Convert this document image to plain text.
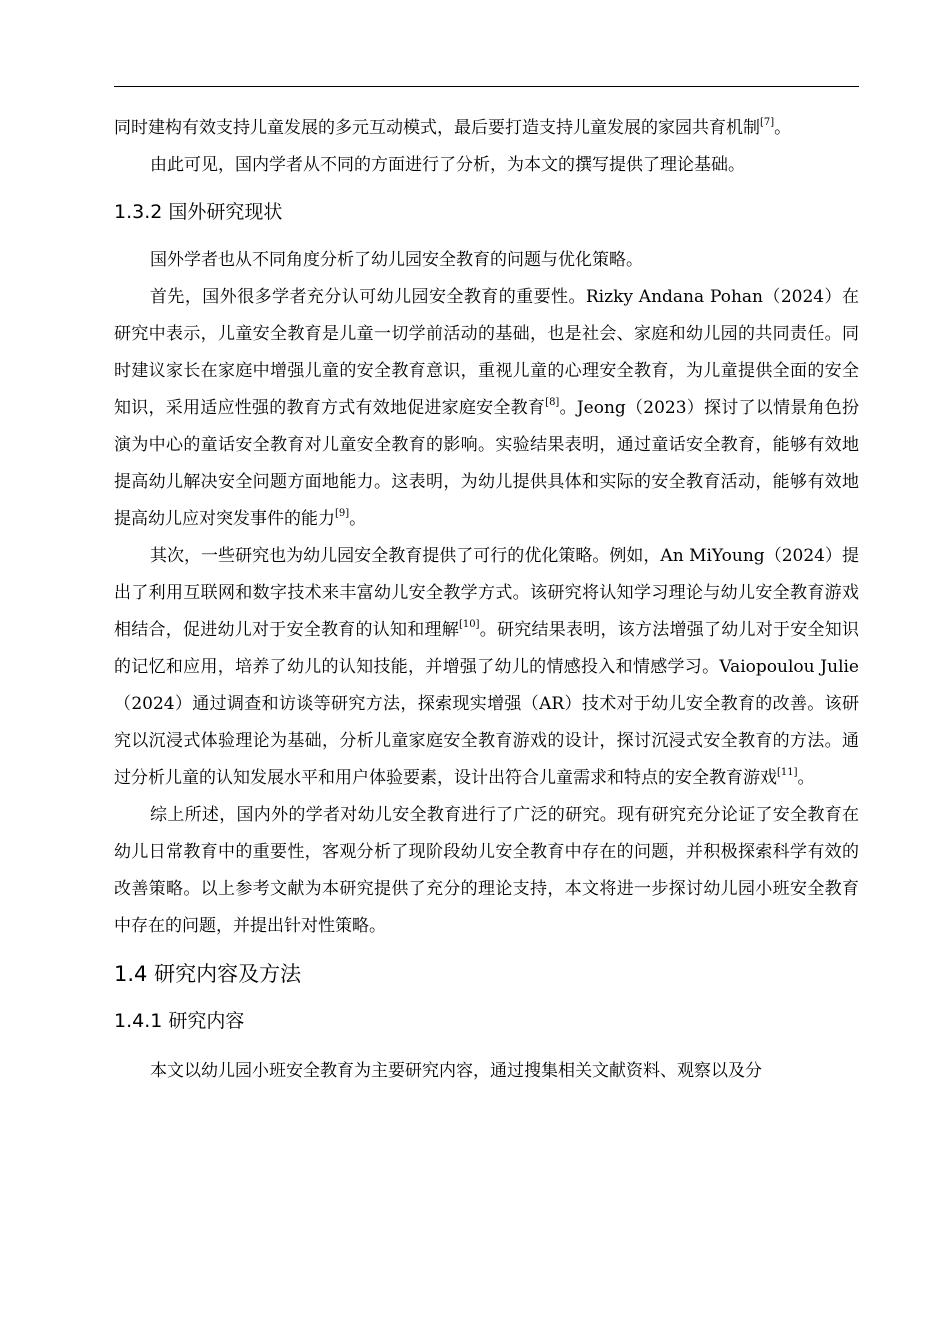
同时建构有效支持儿童发展的多元互动模式，最后要打造支持儿童发展的家园共育机制[7]。

由此可见，国内学者从不同的方面进行了分析，为本文的撰写提供了理论基础。

1.3.2 国外研究现状

国外学者也从不同角度分析了幼儿园安全教育的问题与优化策略。

首先，国外很多学者充分认可幼儿园安全教育的重要性。Rizky Andana Pohan（2024）在研究中表示，儿童安全教育是儿童一切学前活动的基础，也是社会、家庭和幼儿园的共同责任。同时建议家长在家庭中增强儿童的安全教育意识，重视儿童的心理安全教育，为儿童提供全面的安全知识，采用适应性强的教育方式有效地促进家庭安全教育[8]。Jeong（2023）探讨了以情景角色扮演为中心的童话安全教育对儿童安全教育的影响。实验结果表明，通过童话安全教育，能够有效地提高幼儿解决安全问题方面地能力。这表明，为幼儿提供具体和实际的安全教育活动，能够有效地提高幼儿应对突发事件的能力[9]。

其次，一些研究也为幼儿园安全教育提供了可行的优化策略。例如，An MiYoung（2024）提出了利用互联网和数字技术来丰富幼儿安全教学方式。该研究将认知学习理论与幼儿安全教育游戏相结合，促进幼儿对于安全教育的认知和理解[10]。研究结果表明，该方法增强了幼儿对于安全知识的记忆和应用，培养了幼儿的认知技能，并增强了幼儿的情感投入和情感学习。Vaiopoulou Julie（2024）通过调查和访谈等研究方法，探索现实增强（AR）技术对于幼儿安全教育的改善。该研究以沉浸式体验理论为基础，分析儿童家庭安全教育游戏的设计，探讨沉浸式安全教育的方法。通过分析儿童的认知发展水平和用户体验要素，设计出符合儿童需求和特点的安全教育游戏[11]。

综上所述，国内外的学者对幼儿安全教育进行了广泛的研究。现有研究充分论证了安全教育在幼儿日常教育中的重要性，客观分析了现阶段幼儿安全教育中存在的问题，并积极探索科学有效的改善策略。以上参考文献为本研究提供了充分的理论支持，本文将进一步探讨幼儿园小班安全教育中存在的问题，并提出针对性策略。

1.4 研究内容及方法
1.4.1 研究内容

本文以幼儿园小班安全教育为主要研究内容，通过搜集相关文献资料、观察以及分
